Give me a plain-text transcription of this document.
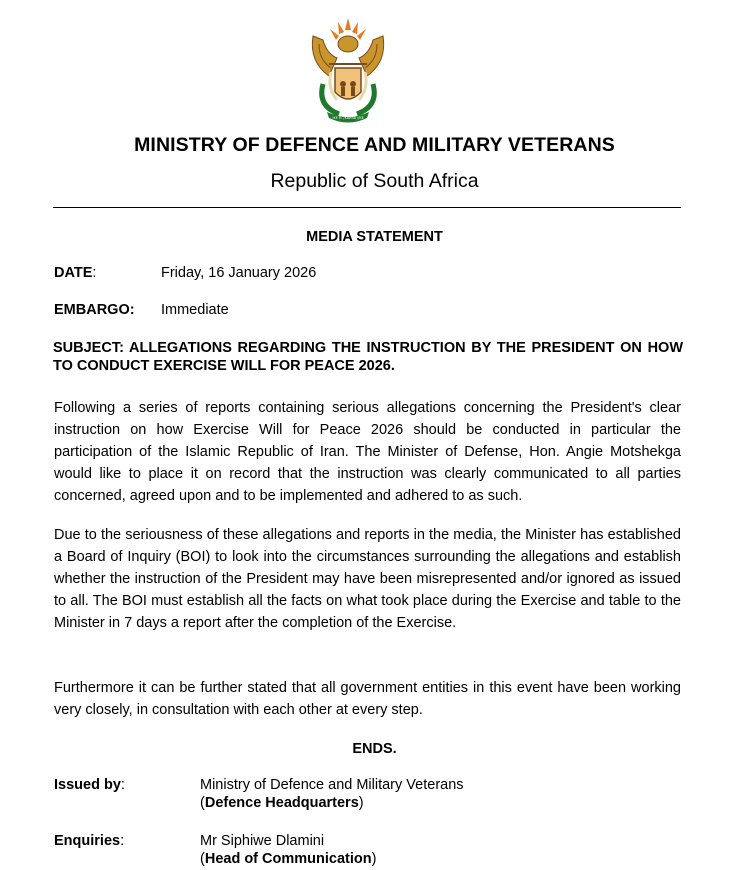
!KE E: /XARRA //KE
MINISTRY OF DEFENCE AND MILITARY VETERANS
Republic of South Africa
MEDIA STATEMENT
DATE:	Friday, 16 January 2026
EMBARGO: Immediate
SUBJECT: ALLEGATIONS REGARDING THE INSTRUCTION BY THE PRESIDENT ON HOW TO CONDUCT EXERCISE WILL FOR PEACE 2026.
Following a series of reports containing serious allegations concerning the President's clear instruction on how Exercise Will for Peace 2026 should be conducted in particular the participation of the Islamic Republic of Iran. The Minister of Defense, Hon. Angie Motshekga would like to place it on record that the instruction was clearly communicated to all parties concerned, agreed upon and to be implemented and adhered to as such.
Due to the seriousness of these allegations and reports in the media, the Minister has established a Board of Inquiry (BOI) to look into the circumstances surrounding the allegations and establish whether the instruction of the President may have been misrepresented and/or ignored as issued to all. The BOI must establish all the facts on what took place during the Exercise and table to the Minister in 7 days a report after the completion of the Exercise.
Furthermore it can be further stated that all government entities in this event have been working very closely, in consultation with each other at every step.
ENDS.
Issued by:	Ministry of Defence and Military Veterans
(Defence Headquarters)
Enquiries:	Mr Siphiwe Dlamini
(Head of Communication)
